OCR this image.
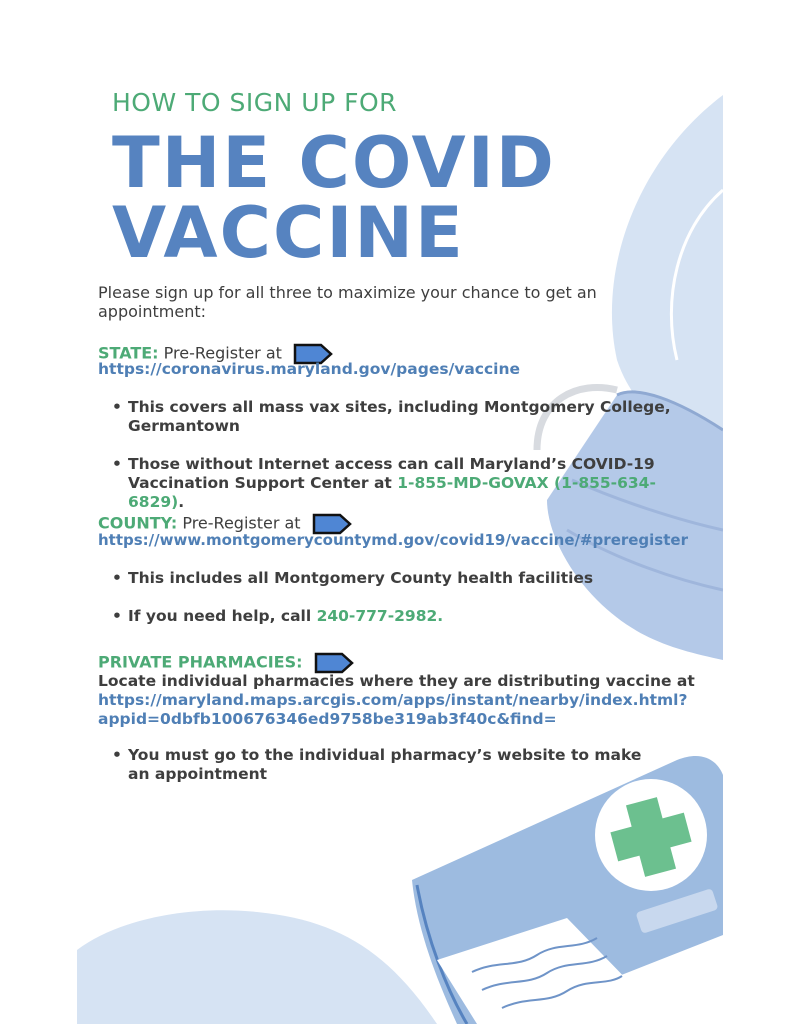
HOW TO SIGN UP FOR
THE COVID
VACCINE
Please sign up for all three to maximize your chance to get an appointment:
STATE: Pre-Register at
https://coronavirus.maryland.gov/pages/vaccine
• This covers all mass vax sites, including Montgomery College, Germantown
• Those without Internet access can call Maryland’s COVID-19 Vaccination Support Center at 1-855-MD-GOVAX (1-855-634-6829).
COUNTY: Pre-Register at
https://www.montgomerycountymd.gov/covid19/vaccine/#preregister
• This includes all Montgomery County health facilities
• If you need help, call 240-777-2982.
PRIVATE PHARMACIES:
Locate individual pharmacies where they are distributing vaccine at
https://maryland.maps.arcgis.com/apps/instant/nearby/index.html?
appid=0dbfb100676346ed9758be319ab3f40c&find=
• You must go to the individual pharmacy’s website to make an appointment
